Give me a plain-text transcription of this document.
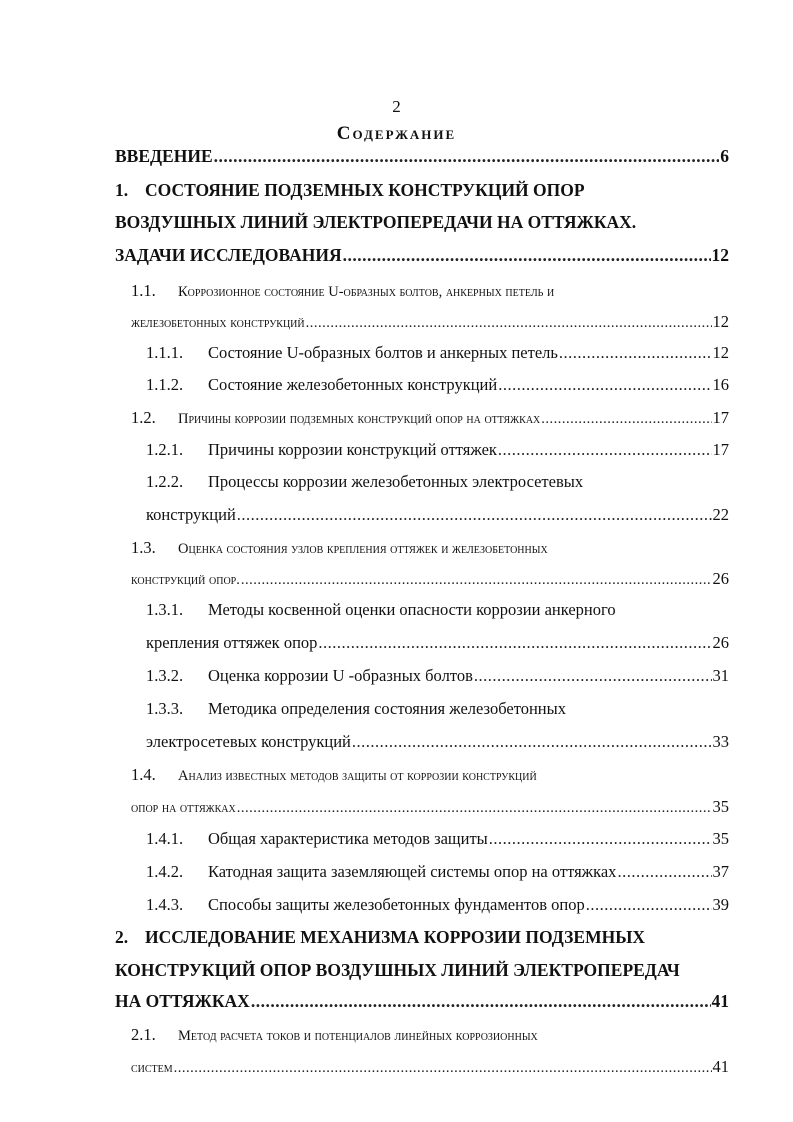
2
Содержание
ВВЕДЕНИЕ .....	6
1. СОСТОЯНИЕ ПОДЗЕМНЫХ КОНСТРУКЦИЙ ОПОР
ВОЗДУШНЫХ ЛИНИЙ ЭЛЕКТРОПЕРЕДАЧИ НА ОТТЯЖКАХ.
ЗАДАЧИ ИССЛЕДОВАНИЯ .....	12
1.1. Коррозионное состояние U-образных болтов, анкерных петель и
железобетонных конструкций .....	12
1.1.1. Состояние U-образных болтов и анкерных петель .....	12
1.1.2. Состояние железобетонных конструкций .....	16
1.2. Причины коррозии подземных конструкций опор на оттяжках .....	17
1.2.1. Причины коррозии конструкций оттяжек .....	17
1.2.2. Процессы коррозии железобетонных электросетевых
конструкций .....	22
1.3. Оценка состояния узлов крепления оттяжек и железобетонных
конструкций опор. .....	26
1.3.1. Методы косвенной оценки опасности коррозии анкерного
крепления оттяжек опор .....	26
1.3.2. Оценка коррозии U -образных болтов .....	31
1.3.3. Методика определения состояния железобетонных
электросетевых конструкций .....	33
1.4. Анализ известных методов защиты от коррозии конструкций
опор на оттяжках .....	35
1.4.1. Общая характеристика методов защиты .....	35
1.4.2. Катодная защита заземляющей системы опор на оттяжках .....	37
1.4.3. Способы защиты железобетонных фундаментов опор .....	39
2. ИССЛЕДОВАНИЕ МЕХАНИЗМА КОРРОЗИИ ПОДЗЕМНЫХ
КОНСТРУКЦИЙ ОПОР ВОЗДУШНЫХ ЛИНИЙ ЭЛЕКТРОПЕРЕДАЧ
НА ОТТЯЖКАХ .....	41
2.1. Метод расчета токов и потенциалов линейных коррозионных
систем .....	41
